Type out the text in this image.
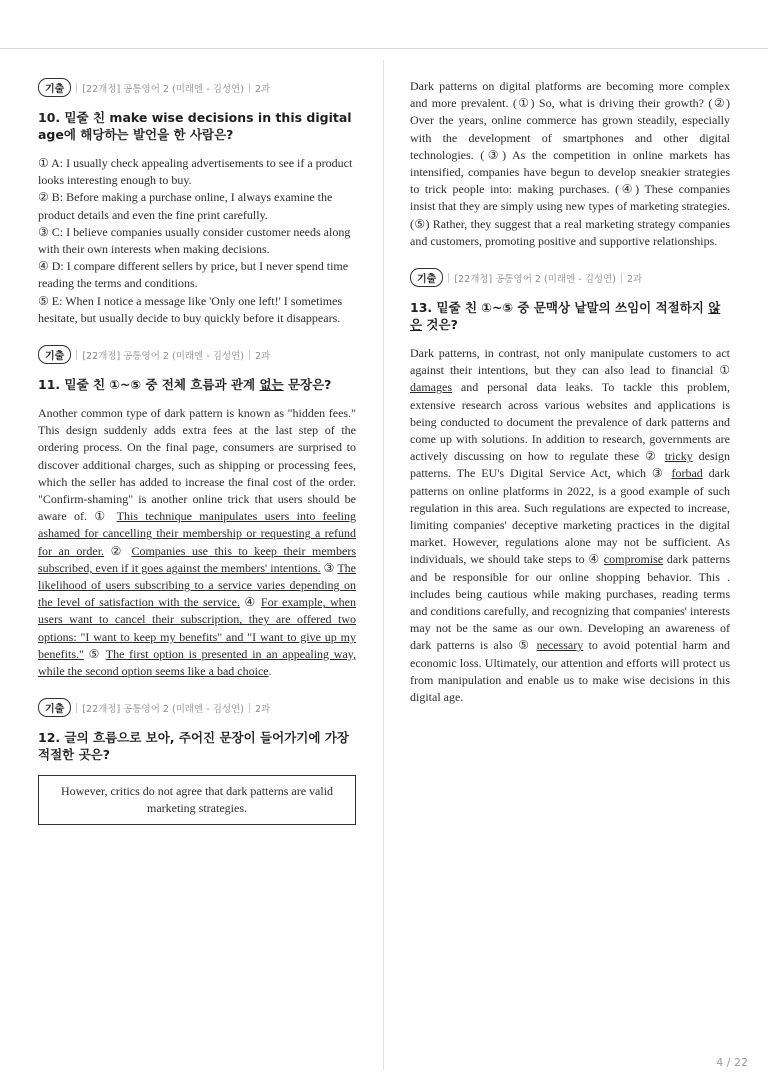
기출	[22개정] 공통영어 2 (미래엔 - 김성연) 2과

10. 밑줄 친 make wise decisions in this digital age에 해당하는 발언을 한 사람은?

① A: I usually check appealing advertisements to see if a product looks interesting enough to buy.

② B: Before making a purchase online, I always examine the product details and even the fine print carefully.

③ C: I believe companies usually consider customer needs along with their own interests when making decisions.

④ D: I compare different sellers by price, but I never spend time reading the terms and conditions.

⑤ E: When I notice a message like 'Only one left!' I sometimes hesitate, but usually decide to buy quickly before it disappears.

기출	[22개정] 공통영어 2 (미래엔 - 김성연) 2과

11. 밑줄 친 ①~⑤ 중 전체 흐름과 관계 없는 문장은?

Another common type of dark pattern is known as "hidden fees." This design suddenly adds extra fees at the last step of the ordering process. On the final page, consumers are surprised to discover additional charges, such as shipping or processing fees, which the seller has added to increase the final cost of the order. "Confirm-shaming" is another online trick that users should be aware of. ① This technique manipulates users into feeling ashamed for cancelling their membership or requesting a refund for an order. ② Companies use this to keep their members subscribed, even if it goes against the members' intentions. ③ The likelihood of users subscribing to a service varies depending on the level of satisfaction with the service. ④ For example, when users want to cancel their subscription, they are offered two options: "I want to keep my benefits" and "I want to give up my benefits." ⑤ The first option is presented in an appealing way, while the second option seems like a bad choice.

기출	[22개정] 공통영어 2 (미래엔 - 김성연) 2과

12. 글의 흐름으로 보아, 주어진 문장이 들어가기에 가장 적절한 곳은?

However, critics do not agree that dark patterns are valid marketing strategies.

Dark patterns on digital platforms are becoming more complex and more prevalent. (①) So, what is driving their growth? (②) Over the years, online commerce has grown steadily, especially with the development of smartphones and other digital technologies. (③) As the competition in online markets has intensified, companies have begun to develop sneakier strategies to trick people into: making purchases. (④) These companies insist that they are simply using new types of marketing strategies. (⑤) Rather, they suggest that a real marketing strategy companies and customers, promoting positive and supportive relationships.

기출	[22개정] 공통영어 2 (미래엔 - 김성연) 2과

13. 밑줄 친 ①~⑤ 중 문맥상 낱말의 쓰임이 적절하지 않은 것은?

Dark patterns, in contrast, not only manipulate customers to act against their intentions, but they can also lead to financial ① damages and personal data leaks. To tackle this problem, extensive research across various websites and applications is being conducted to document the prevalence of dark patterns and come up with solutions. In addition to research, governments are actively discussing on how to regulate these ② tricky design patterns. The EU's Digital Service Act, which ③ forbad dark patterns on online platforms in 2022, is a good example of such regulation in this area. Such regulations are expected to increase, limiting companies' deceptive marketing practices in the digital market. However, regulations alone may not be sufficient. As individuals, we should take steps to ④ compromise dark patterns and be responsible for our online shopping behavior. This . includes being cautious while making purchases, reading terms and conditions carefully, and recognizing that companies' interests may not be the same as our own. Developing an awareness of dark patterns is also ⑤ necessary to avoid potential harm and economic loss. Ultimately, our attention and efforts will protect us from manipulation and enable us to make wise decisions in this digital age.

4 / 22
